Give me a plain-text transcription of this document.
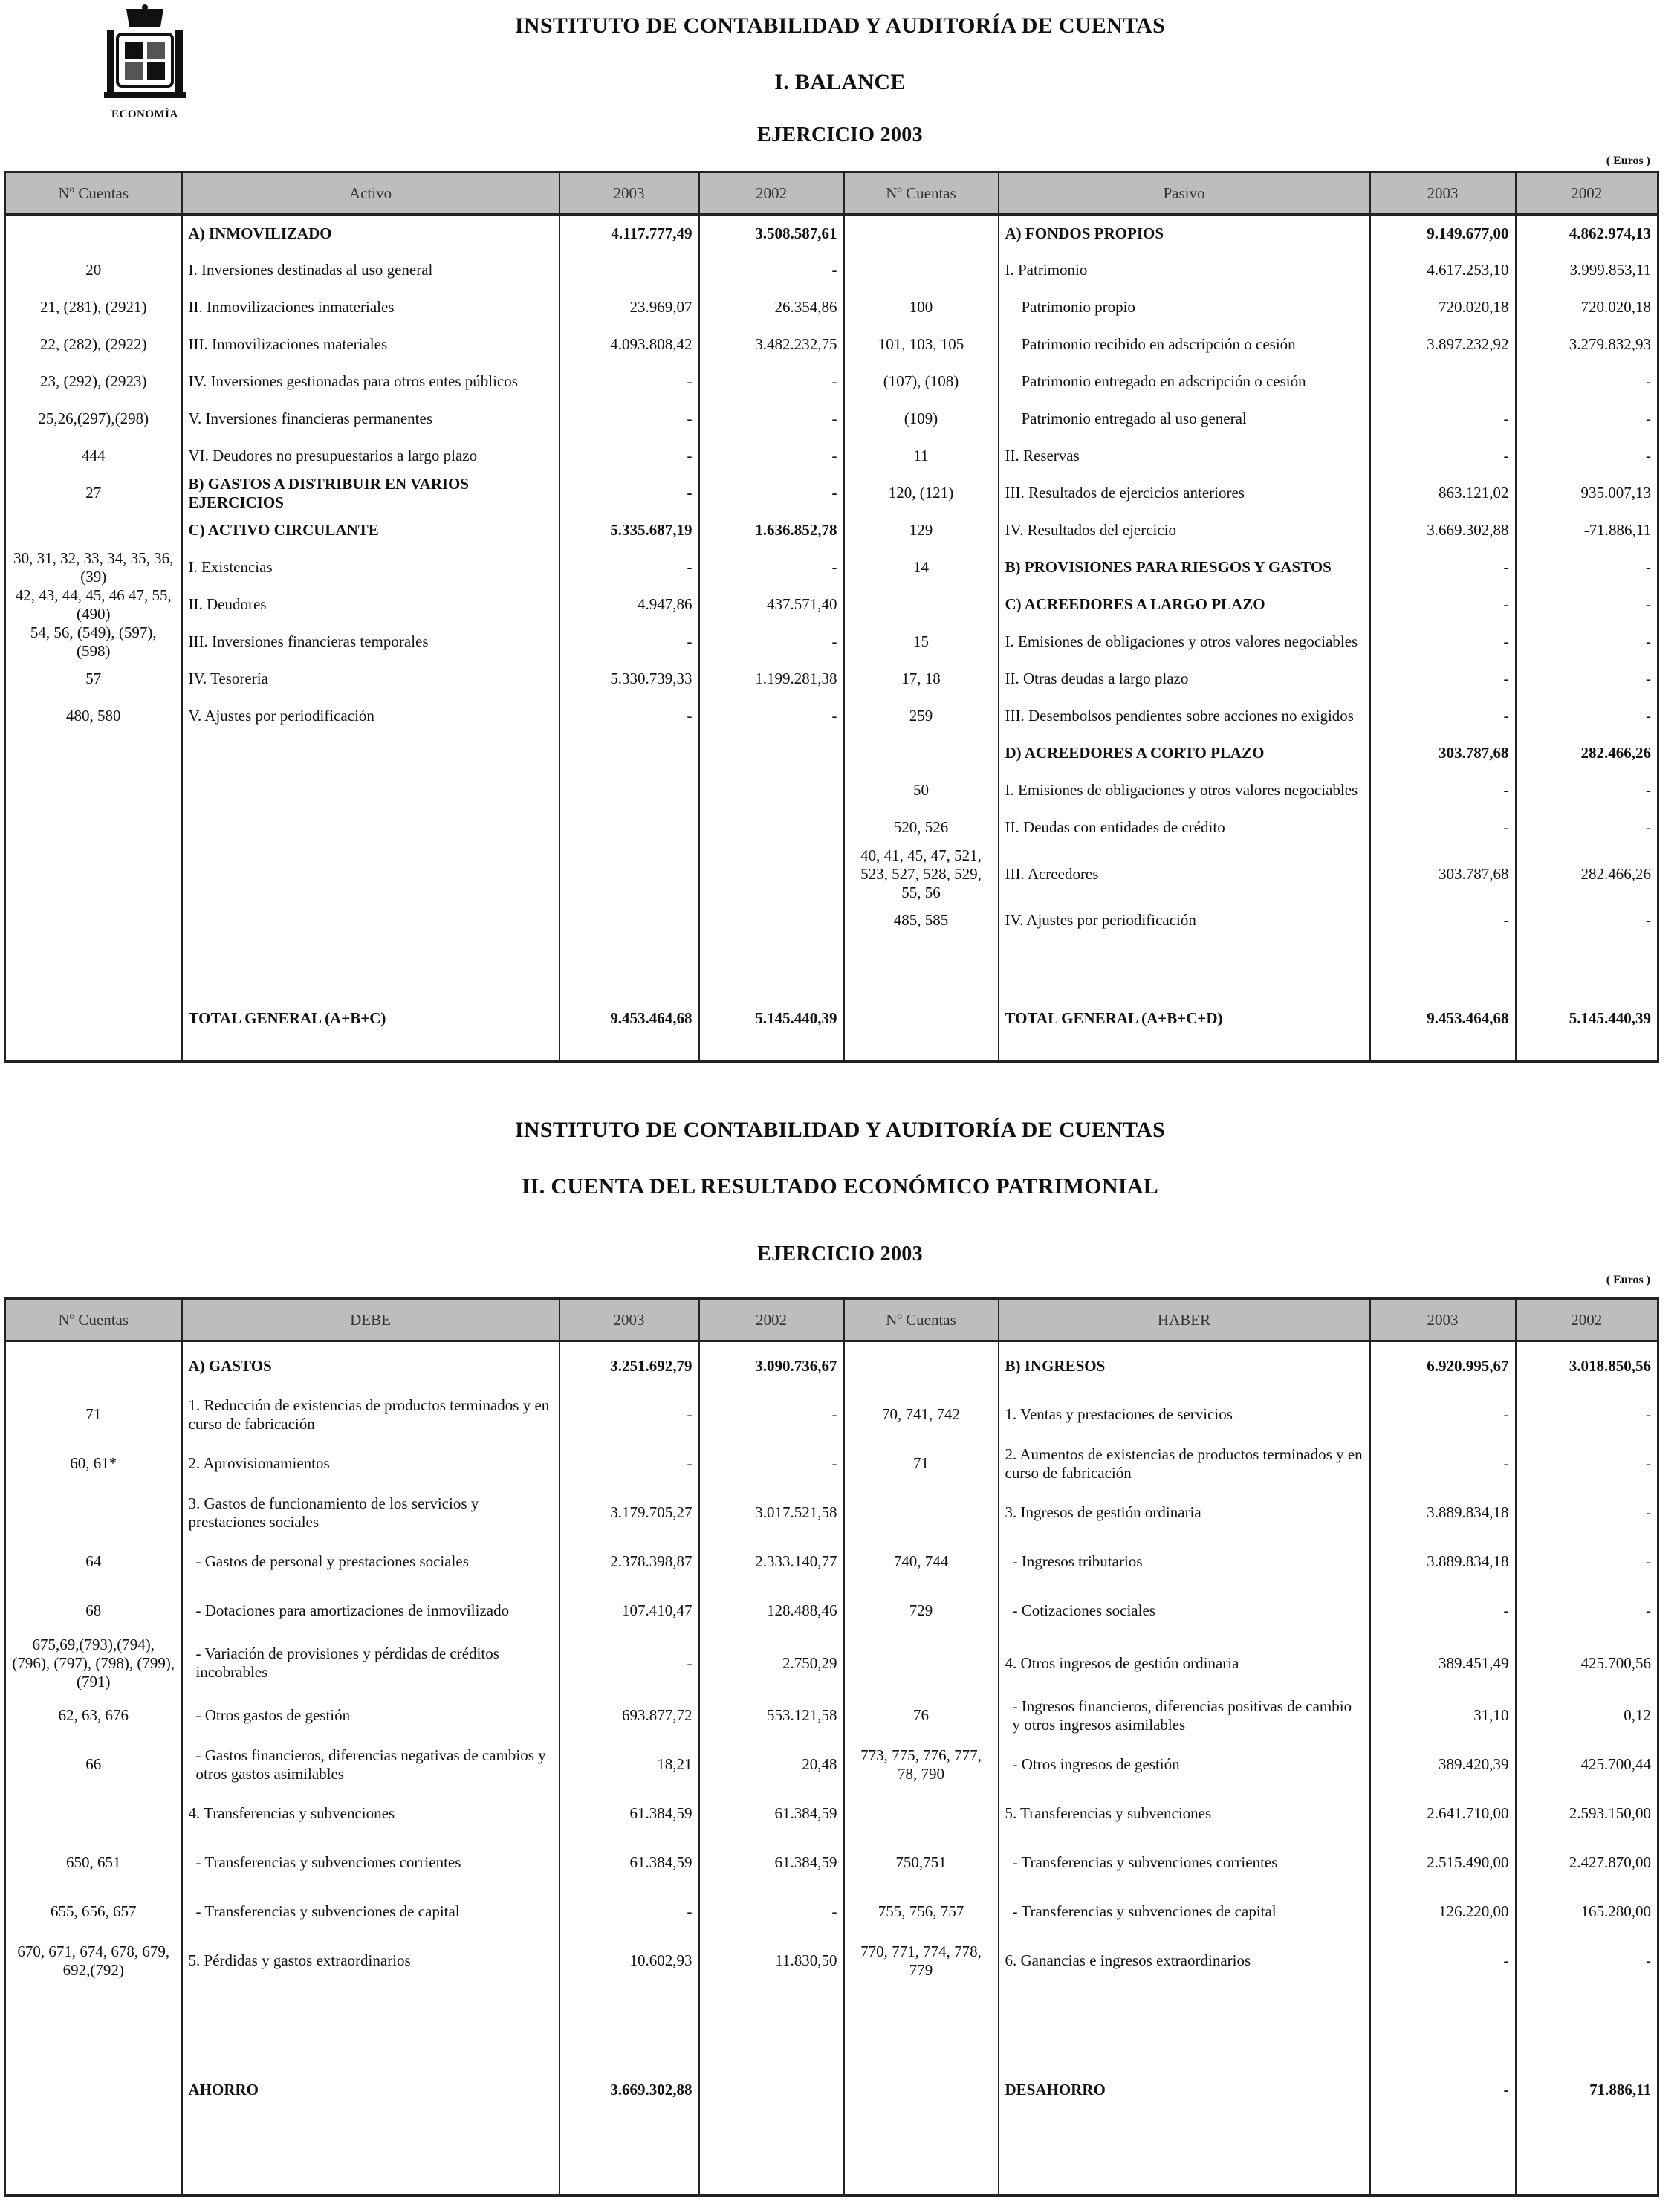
ECONOMÍA
INSTITUTO DE CONTABILIDAD Y AUDITORÍA DE CUENTAS
I. BALANCE
EJERCICIO 2003
( Euros )
Nº Cuentas	Activo	2003	2002	Nº Cuentas	Pasivo	2003	2002
	A) INMOVILIZADO	4.117.777,49	3.508.587,61		A) FONDOS PROPIOS	9.149.677,00	4.862.974,13
20	I. Inversiones destinadas al uso general		-		I. Patrimonio	4.617.253,10	3.999.853,11
21, (281), (2921)	II. Inmovilizaciones inmateriales	23.969,07	26.354,86	100	Patrimonio propio	720.020,18	720.020,18
22, (282), (2922)	III. Inmovilizaciones materiales	4.093.808,42	3.482.232,75	101, 103, 105	Patrimonio recibido en adscripción o cesión	3.897.232,92	3.279.832,93
23, (292), (2923)	IV. Inversiones gestionadas para otros entes públicos	-	-	(107), (108)	Patrimonio entregado en adscripción o cesión		-
25,26,(297),(298)	V. Inversiones financieras permanentes	-	-	(109)	Patrimonio entregado al uso general	-	-
444	VI. Deudores no presupuestarios a largo plazo	-	-	11	II. Reservas	-	-
27	B) GASTOS A DISTRIBUIR EN VARIOS EJERCICIOS	-	-	120, (121)	III. Resultados de ejercicios anteriores	863.121,02	935.007,13
	C) ACTIVO CIRCULANTE	5.335.687,19	1.636.852,78	129	IV. Resultados del ejercicio	3.669.302,88	-71.886,11
30, 31, 32, 33, 34, 35, 36, (39)	I. Existencias	-	-	14	B) PROVISIONES PARA RIESGOS Y GASTOS	-	-
42, 43, 44, 45, 46 47, 55, (490)	II. Deudores	4.947,86	437.571,40		C) ACREEDORES A LARGO PLAZO	-	-
54, 56, (549), (597), (598)	III. Inversiones financieras temporales	-	-	15	I. Emisiones de obligaciones y otros valores negociables	-	-
57	IV. Tesorería	5.330.739,33	1.199.281,38	17, 18	II. Otras deudas a largo plazo	-	-
480, 580	V. Ajustes por periodificación	-	-	259	III. Desembolsos pendientes sobre acciones no exigidos	-	-
					D) ACREEDORES A CORTO PLAZO	303.787,68	282.466,26
				50	I. Emisiones de obligaciones y otros valores negociables	-	-
				520, 526	II. Deudas con entidades de crédito	-	-
				40, 41, 45, 47, 521, 523, 527, 528, 529, 55, 56	III. Acreedores	303.787,68	282.466,26
				485, 585	IV. Ajustes por periodificación	-	-

	TOTAL GENERAL (A+B+C)	9.453.464,68	5.145.440,39		TOTAL GENERAL (A+B+C+D)	9.453.464,68	5.145.440,39
INSTITUTO DE CONTABILIDAD Y AUDITORÍA DE CUENTAS
II. CUENTA DEL RESULTADO ECONÓMICO PATRIMONIAL
EJERCICIO 2003
( Euros )
Nº Cuentas	DEBE	2003	2002	Nº Cuentas	HABER	2003	2002
	A) GASTOS	3.251.692,79	3.090.736,67		B) INGRESOS	6.920.995,67	3.018.850,56
71	1. Reducción de existencias de productos terminados y en curso de fabricación	-	-	70, 741, 742	1. Ventas y prestaciones de servicios	-	-
60, 61*	2. Aprovisionamientos	-	-	71	2. Aumentos de existencias de productos terminados y en curso de fabricación	-	-
	3. Gastos de funcionamiento de los servicios y prestaciones sociales	3.179.705,27	3.017.521,58		3. Ingresos de gestión ordinaria	3.889.834,18	-
64	- Gastos de personal y prestaciones sociales	2.378.398,87	2.333.140,77	740, 744	- Ingresos tributarios	3.889.834,18	-
68	- Dotaciones para amortizaciones de inmovilizado	107.410,47	128.488,46	729	- Cotizaciones sociales	-	-
675,69,(793),(794), (796), (797), (798), (799), (791)	- Variación de provisiones y pérdidas de créditos incobrables	-	2.750,29		4. Otros ingresos de gestión ordinaria	389.451,49	425.700,56
62, 63, 676	- Otros gastos de gestión	693.877,72	553.121,58	76	- Ingresos financieros, diferencias positivas de cambio y otros ingresos asimilables	31,10	0,12
66	- Gastos financieros, diferencias negativas de cambios y otros gastos asimilables	18,21	20,48	773, 775, 776, 777, 78, 790	- Otros ingresos de gestión	389.420,39	425.700,44
	4. Transferencias y subvenciones	61.384,59	61.384,59		5. Transferencias y subvenciones	2.641.710,00	2.593.150,00
650, 651	- Transferencias y subvenciones corrientes	61.384,59	61.384,59	750,751	- Transferencias y subvenciones corrientes	2.515.490,00	2.427.870,00
655, 656, 657	- Transferencias y subvenciones de capital	-	-	755, 756, 757	- Transferencias y subvenciones de capital	126.220,00	165.280,00
670, 671, 674, 678, 679, 692,(792)	5. Pérdidas y gastos extraordinarios	10.602,93	11.830,50	770, 771, 774, 778, 779	6. Ganancias e ingresos extraordinarios	-	-
	AHORRO	3.669.302,88			DESAHORRO	-	71.886,11
